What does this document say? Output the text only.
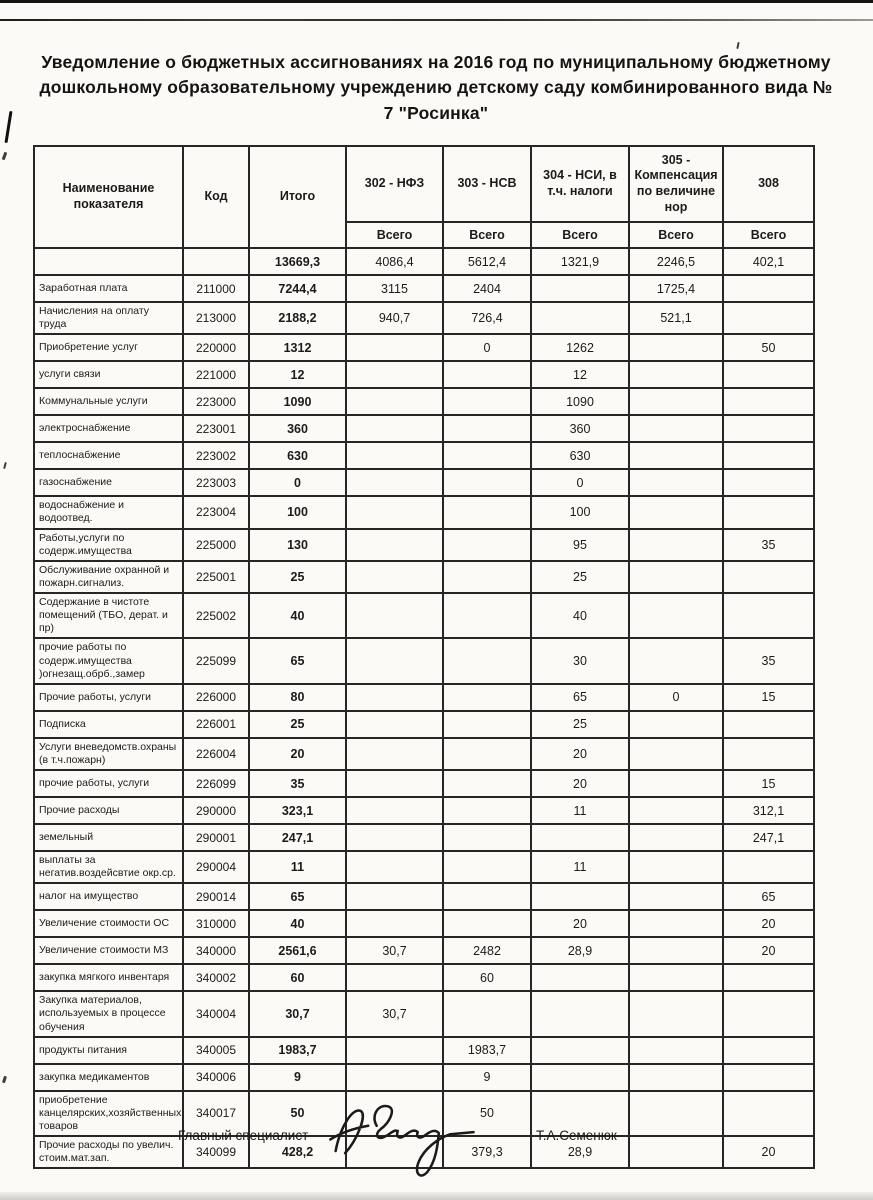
Уведомление о бюджетных ассигнованиях на 2016 год по муниципальному бюджетному дошкольному образовательному учреждению детскому саду комбинированного вида № 7 "Росинка"
Наименование показателя	Код	Итого	302 - НФЗ	303 - НСВ	304 - НСИ, в т.ч. налоги	305 - Компенсация по величине нор	308
			Всего	Всего	Всего	Всего	Всего
		13669,3	4086,4	5612,4	1321,9	2246,5	402,1
Заработная плата	211000	7244,4	3115	2404		1725,4	
Начисления на оплату труда	213000	2188,2	940,7	726,4		521,1	
Приобретение услуг	220000	1312		0	1262		50
услуги связи	221000	12			12		
Коммунальные услуги	223000	1090			1090		
электроснабжение	223001	360			360		
теплоснабжение	223002	630			630		
газоснабжение	223003	0			0		
водоснабжение и водоотвед.	223004	100			100		
Работы,услуги по содерж.имущества	225000	130			95		35
Обслуживание охранной и пожарн.сигнализ.	225001	25			25		
Содержание в чистоте помещений (ТБО, дерат. и пр)	225002	40			40		
прочие работы по содерж.имущества )огнезащ.обрб.,замер	225099	65			30		35
Прочие работы, услуги	226000	80			65	0	15
Подписка	226001	25			25		
Услуги вневедомств.охраны (в т.ч.пожарн)	226004	20			20		
прочие работы, услуги	226099	35			20		15
Прочие расходы	290000	323,1			11		312,1
земельный	290001	247,1					247,1
выплаты за негатив.воздейсвтие окр.ср.	290004	11			11		
налог на имущество	290014	65					65
Увеличение стоимости ОС	310000	40			20		20
Увеличение стоимости МЗ	340000	2561,6	30,7	2482	28,9		20
закупка мягкого инвентаря	340002	60		60			
Закупка материалов, используемых в процессе обучения	340004	30,7	30,7				
продукты питания	340005	1983,7		1983,7			
закупка медикаментов	340006	9		9			
приобретение канцелярских,хозяйственных товаров	340017	50		50			
Прочие расходы по увелич. стоим.мат.зап.	340099	428,2		379,3	28,9		20
Главный специалист	Т.А.Семенюк
